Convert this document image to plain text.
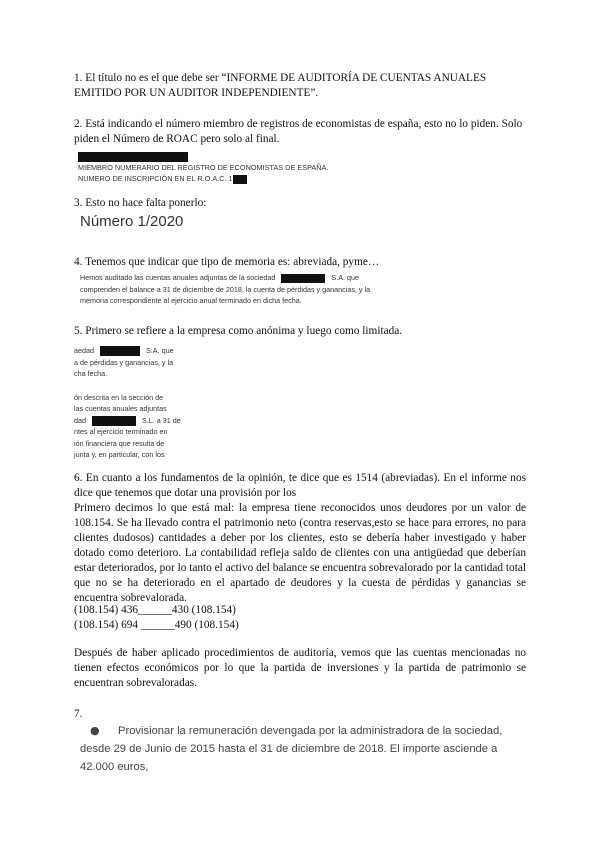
1. El título no es el que debe ser “INFORME DE AUDITORÍA DE CUENTAS ANUALES EMITIDO POR UN AUDITOR INDEPENDIENTE”.

2. Está indicando el número miembro de registros de economistas de españa, esto no lo piden. Solo piden el Número de ROAC pero solo al final.

MIEMBRO NUMERARIO DEL REGISTRO DE ECONOMISTAS DE ESPAÑA.
NUMERO DE INSCRIPCIÓN EN EL R.O.A.C. 1

3. Esto no hace falta ponerlo:

Número 1/2020

4. Tenemos que indicar que tipo de memoria es: abreviada, pyme…

Hemos auditado las cuentas anuales adjuntas de la sociedad	S.A. que
comprenden el balance a 31 de diciembre de 2018, la cuenta de pérdidas y ganancias, y la
memoria correspondiente al ejercicio anual terminado en dicha fecha.

5. Primero se refiere a la empresa como anónima y luego como limitada.

aedad	S.A. que
a de pérdidas y ganancias, y la
cha fecha.
ón descrita en la sección de
las cuentas anuales adjuntas
dad	S.L. a 31 de
ntes al ejercicio terminado en
ión financiera que resulta de
junta y, en particular, con los

6. En cuanto a los fundamentos de la opinión, te dice que es 1514 (abreviadas). En el informe nos dice que tenemos que dotar una provisión por los

Primero decimos lo que está mal: la empresa tiene reconocidos unos deudores por un valor de 108.154. Se ha llevado contra el patrimonio neto (contra reservas,esto se hace para errores, no para clientes dudosos) cantidades a deber por los clientes, esto se debería haber investigado y haber dotado como deterioro. La contabilidad refleja saldo de clientes con una antigüedad que deberían estar deteriorados, por lo tanto el activo del balance se encuentra sobrevalorado por la cantidad total que no se ha deteriorado en el apartado de deudores y la cuesta de pérdidas y ganancias se encuentra sobrevalorada.

(108.154) 436______430 (108.154)

(108.154) 694 ______490 (108.154)

Después de haber aplicado procedimientos de auditoría, vemos que las cuentas mencionadas no tienen efectos económicos por lo que la partida de inversiones y la partida de patrimonio se encuentran sobrevaloradas.

7.

●	Provisionar la remuneración devengada por la administradora de la sociedad, desde 29 de Junio de 2015 hasta el 31 de diciembre de 2018. El importe asciende a 42.000 euros,
